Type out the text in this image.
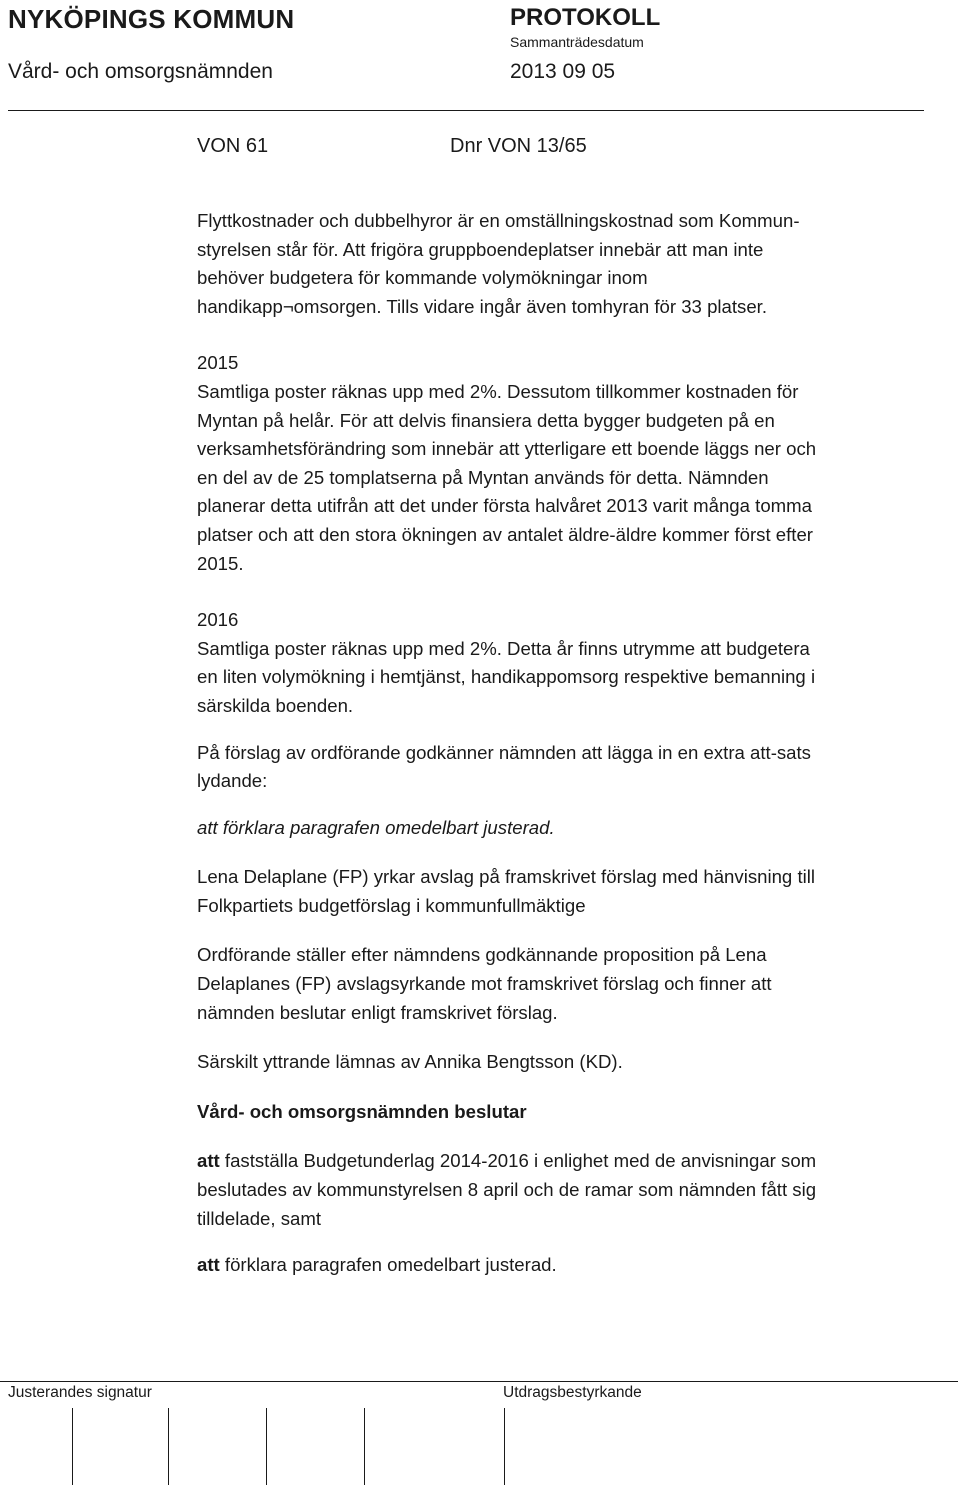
NYKÖPINGS KOMMUN
Vård- och omsorgsnämnden
PROTOKOLL
Sammanträdesdatum
2013 09 05
VON 61	Dnr VON 13/65

Flyttkostnader och dubbelhyror är en omställningskostnad som Kommun-

styrelsen står för. Att frigöra gruppboendeplatser innebär att man inte

behöver budgetera för kommande volymökningar inom

handikapp¬omsorgen. Tills vidare ingår även tomhyran för 33 platser.

2015

Samtliga poster räknas upp med 2%. Dessutom tillkommer kostnaden för

Myntan på helår. För att delvis finansiera detta bygger budgeten på en

verksamhetsförändring som innebär att ytterligare ett boende läggs ner och

en del av de 25 tomplatserna på Myntan används för detta. Nämnden

planerar detta utifrån att det under första halvåret 2013 varit många tomma

platser och att den stora ökningen av antalet äldre-äldre kommer först efter

2015.

2016

Samtliga poster räknas upp med 2%. Detta år finns utrymme att budgetera

en liten volymökning i hemtjänst, handikappomsorg respektive bemanning i

särskilda boenden.

På förslag av ordförande godkänner nämnden att lägga in en extra att-sats

lydande:

att förklara paragrafen omedelbart justerad.

Lena Delaplane (FP) yrkar avslag på framskrivet förslag med hänvisning till

Folkpartiets budgetförslag i kommunfullmäktige

Ordförande ställer efter nämndens godkännande proposition på Lena

Delaplanes (FP) avslagsyrkande mot framskrivet förslag och finner att

nämnden beslutar enligt framskrivet förslag.

Särskilt yttrande lämnas av Annika Bengtsson (KD).

Vård- och omsorgsnämnden beslutar

att fastställa Budgetunderlag 2014-2016 i enlighet med de anvisningar som

beslutades av kommunstyrelsen 8 april och de ramar som nämnden fått sig

tilldelade, samt

att förklara paragrafen omedelbart justerad.

Justerandes signatur	Utdragsbestyrkande
